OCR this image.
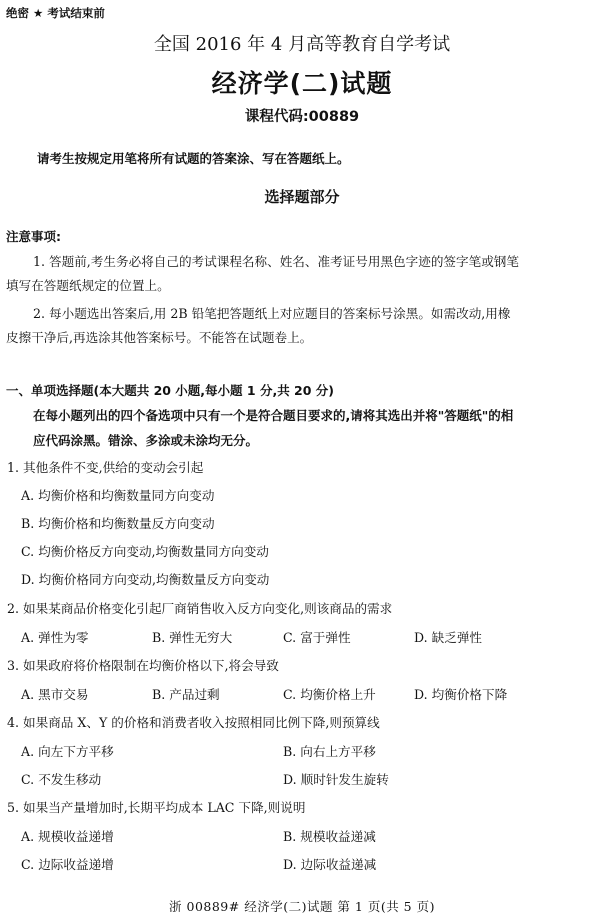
绝密 ★ 考试结束前
全国 2016 年 4 月高等教育自学考试
经济学(二)试题
课程代码:00889
请考生按规定用笔将所有试题的答案涂、写在答题纸上。
选择题部分
注意事项:
1. 答题前,考生务必将自己的考试课程名称、姓名、准考证号用黑色字迹的签字笔或钢笔
填写在答题纸规定的位置上。
2. 每小题选出答案后,用 2B 铅笔把答题纸上对应题目的答案标号涂黑。如需改动,用橡
皮擦干净后,再选涂其他答案标号。不能答在试题卷上。
一、单项选择题(本大题共 20 小题,每小题 1 分,共 20 分)
在每小题列出的四个备选项中只有一个是符合题目要求的,请将其选出并将"答题纸"的相
应代码涂黑。错涂、多涂或未涂均无分。
1. 其他条件不变,供给的变动会引起
A. 均衡价格和均衡数量同方向变动
B. 均衡价格和均衡数量反方向变动
C. 均衡价格反方向变动,均衡数量同方向变动
D. 均衡价格同方向变动,均衡数量反方向变动
2. 如果某商品价格变化引起厂商销售收入反方向变化,则该商品的需求
A. 弹性为零	B. 弹性无穷大	C. 富于弹性	D. 缺乏弹性
3. 如果政府将价格限制在均衡价格以下,将会导致
A. 黑市交易	B. 产品过剩	C. 均衡价格上升	D. 均衡价格下降
4. 如果商品 X、Y 的价格和消费者收入按照相同比例下降,则预算线
A. 向左下方平移	B. 向右上方平移
C. 不发生移动	D. 顺时针发生旋转
5. 如果当产量增加时,长期平均成本 LAC 下降,则说明
A. 规模收益递增	B. 规模收益递减
C. 边际收益递增	D. 边际收益递减
浙 00889# 经济学(二)试题 第 1 页(共 5 页)
